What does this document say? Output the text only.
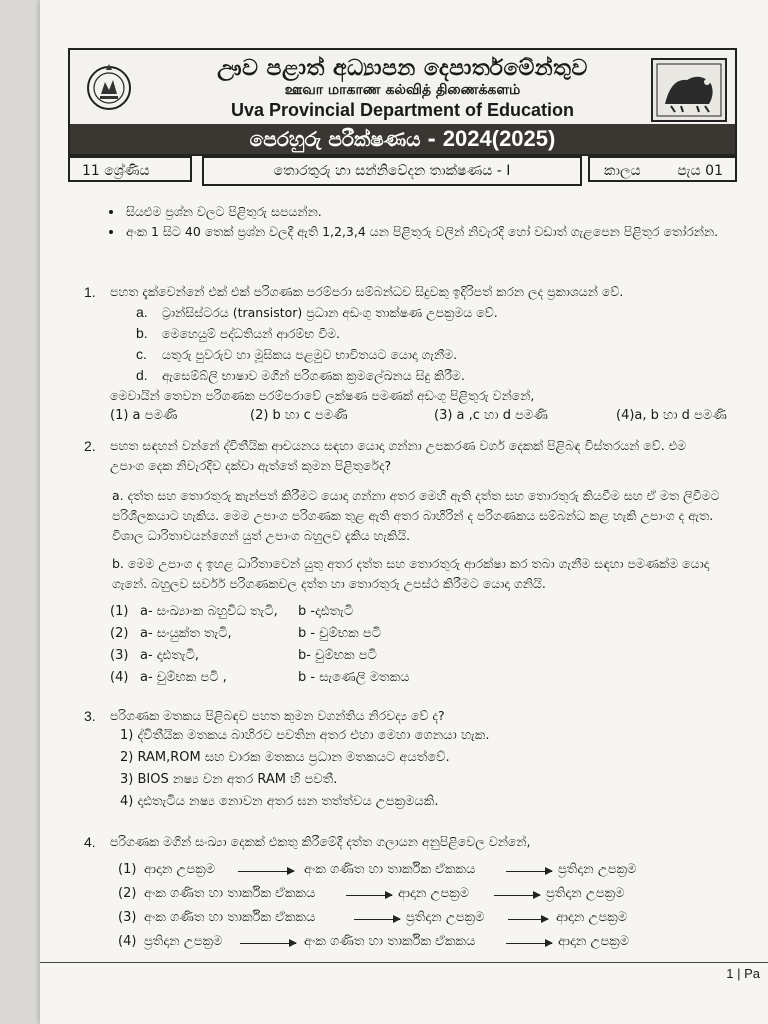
ඌව පළාත් අධ්‍යාපන දෙපාර්තමේන්තුව
ஊவா மாகாண கல்வித் திணைக்களம்
Uva Provincial Department of Education
පෙරහුරු පරීක්ෂණය - 2024(2025)
11 ශ්‍රේණිය	තොරතුරු හා සන්නිවේදන තාක්ෂණය - I	කාලය	පැය 01
• සියළුම ප්‍රශ්න වලට පිළිතුරු සපයන්න.
• අංක 1 සිට 40 තෙක් ප්‍රශ්න වලදී ඇති 1,2,3,4 යන පිළිතුරු වලින් නිවැරදි හෝ වඩාත් ගැළපෙන පිළිතුර තෝරන්න.
1. පහත දැක්වෙන්නේ එක් එක් පරිගණක පරම්පරා සම්බන්ධව සිදුවකු ඉදිරිපත් කරන ලද ප්‍රකාශයන් වේ.
a. ට්‍රාන්සිස්ටරය (transistor) ප්‍රධාන අඩංගු තාක්ෂණ උපක්‍රමය වේ.
b. මෙහෙයුම් පද්ධතියන් ආරම්භ වීම.
c. යතුරු පුවරුව හා මූසිකය පළමුව භාවිතයට යොදා ගැනීම.
d. ඇසෙම්බ්ලි භාෂාව මගින් පරිගණක ක්‍රමලේඛනය සිදු කිරීම.
මෙවායින් තෙවන පරිගණක පරම්පරාවේ ලක්ෂණ පමණක් අඩංගු පිළිතුරු වන්නේ,
(1) a පමණි	(2) b හා c පමණි	(3) a ,c හා d පමණි	(4)a, b හා d පමණි
2. පහත සඳහන් වන්නේ ද්විතීයික ආචයනය සඳහා යොදා ගන්නා උපකරණ වර්ග දෙකක් පිළිබඳ විස්තරයන් වේ. එම උපාංග දෙක නිවැරදිව දක්වා ඇත්තේ කුමන පිළිතුරේද?
a. දත්ත සහ තොරතුරු කැන්පත් කිරීමට යොදා ගන්නා අතර මෙහි ඇති දත්ත සහ තොරතුරු කියවීම සහ ඒ මත ලිවීමට පරිශීලකයාට හැකිය. මෙම උපාංග පරිගණක තුළ ඇති අතර බාහිරින් ද පරිගණකය සම්බන්ධ කළ හැකි උපාංග ද ඇත. විශාල ධාරිතාවයන්ගෙන් යුත් උපාංග බහුලව දැකිය හැකියි.
b. මෙම උපාංග ද ඉහළ ධාරිතාවෙන් යුතු අතර දත්ත සහ තොරතුරු ආරක්ෂා කර තබා ගැනීම සඳහා පමණක්ම යොදා ගැනේ. බහුලව සර්වර් පරිගණකවල දත්ත හා තොරතුරු උපස්ථ කිරීමට යොදා ගනියි.
(1) a- සංඛ්‍යාංක බහුවිධ තැටි, b -දෘඪතැටි
(2) a- සංයුක්ත තැටි,	b - චුම්භක පටි
(3) a- දෘඪතැටි,	b- චුම්භක පටි
(4) a- චුම්භක පටි ,	b - සැණෙලි මතකය
3. පරිගණක මතකය පිළිබඳව පහත කුමන වගන්තිය නිරවද්‍ය වේ ද?
1) ද්විතීයික මතකය බාහිරව පවතින අතර එහා මෙහා ගෙනයා හැක.
2) RAM,ROM සහ වාරක මතකය ප්‍රධාන මතකයට අයත්වේ.
3) BIOS නෂ්‍ය වන අතර RAM හි පවතී.
4) දෘඪතැටිය නෂ්‍ය නොවන අතර ඝන තත්ත්වය උපක්‍රමයකි.
4. පරිගණක මගින් සංඛ්‍යා දෙකක් එකතු කිරීමේදී දත්ත ගලායන අනුපිළිවෙල වන්නේ,
(1) ආදාන උපක්‍රම	අංක ගණිත හා තාර්කික ඒකකය	ප්‍රතිදාන උපක්‍රම
(2) අංක ගණිත හා තාර්කික ඒකකය	ආදාන උපක්‍රම	ප්‍රතිදාන උපක්‍රම
(3) අංක ගණිත හා තාර්කික ඒකකය	ප්‍රතිදාන උපක්‍රම	ආදාන උපක්‍රම
(4) ප්‍රතිදාන උපක්‍රම	අංක ගණිත හා තාර්කික ඒකකය	ආදාන උපක්‍රම
1 | Pa
